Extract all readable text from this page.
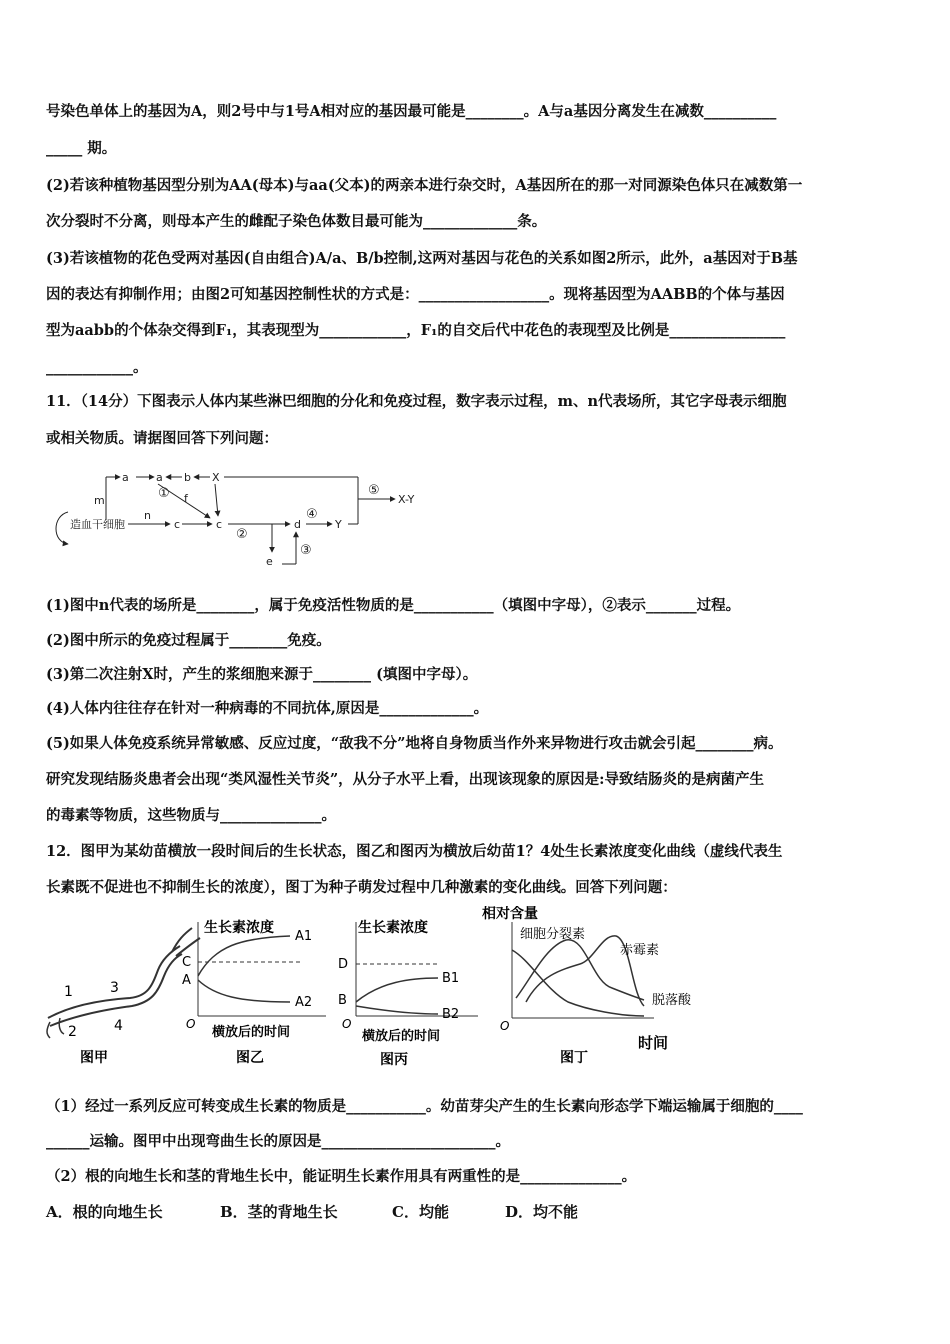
号染色单体上的基因为A，则2号中与1号A相对应的基因最可能是________。A与a基因分离发生在减数__________
_____ 期。
(2)若该种植物基因型分别为AA(母本)与aa(父本)的两亲本进行杂交时，A基因所在的那一对同源染色体只在减数第一
次分裂时不分离，则母本产生的雌配子染色体数目最可能为_____________条。
(3)若该植物的花色受两对基因(自由组合)A/a、B/b控制,这两对基因与花色的关系如图2所示，此外，a基因对于B基
因的表达有抑制作用；由图2可知基因控制性状的方式是：__________________。现将基因型为AABB的个体与基因
型为aabb的个体杂交得到F₁，其表现型为____________，F₁的自交后代中花色的表现型及比例是________________
____________。
11．（14分）下图表示人体内某些淋巴细胞的分化和免疫过程，数字表示过程，m、n代表场所，其它字母表示细胞
或相关物质。请据图回答下列问题：
造血干细胞
a a b X
m	f
n
c	c	d	Y
e
X-Y
①
②
③
④
⑤
(1)图中n代表的场所是________，属于免疫活性物质的是___________（填图中字母），②表示_______过程。
(2)图中所示的免疫过程属于________免疫。
(3)第二次注射X时，产生的浆细胞来源于________ (填图中字母）。
(4)人体内往往存在针对一种病毒的不同抗体,原因是_____________。
(5)如果人体免疫系统异常敏感、反应过度，“敌我不分”地将自身物质当作外来异物进行攻击就会引起________病。
研究发现结肠炎患者会出现“类风湿性关节炎”，从分子水平上看，出现该现象的原因是:导致结肠炎的是病菌产生
的毒素等物质，这些物质与______________。
12．图甲为某幼苗横放一段时间后的生长状态，图乙和图丙为横放后幼苗1？4处生长素浓度变化曲线（虚线代表生
长素既不促进也不抑制生长的浓度），图丁为种子萌发过程中几种激素的变化曲线。回答下列问题：
1
2
3
4
图甲
生长素浓度
C
A
A1
A2
O
横放后的时间
图乙
生长素浓度
D
B
B1
B2
O
横放后的时间
图丙
相对含量
细胞分裂素
赤霉素
脱落酸
O
时间
图丁
（1）经过一系列反应可转变成生长素的物质是___________。幼苗芽尖产生的生长素向形态学下端运输属于细胞的____
______运输。图甲中出现弯曲生长的原因是________________________。
（2）根的向地生长和茎的背地生长中，能证明生长素作用具有两重性的是______________。
A．根的向地生长	B．茎的背地生长	C．均能	D．均不能
